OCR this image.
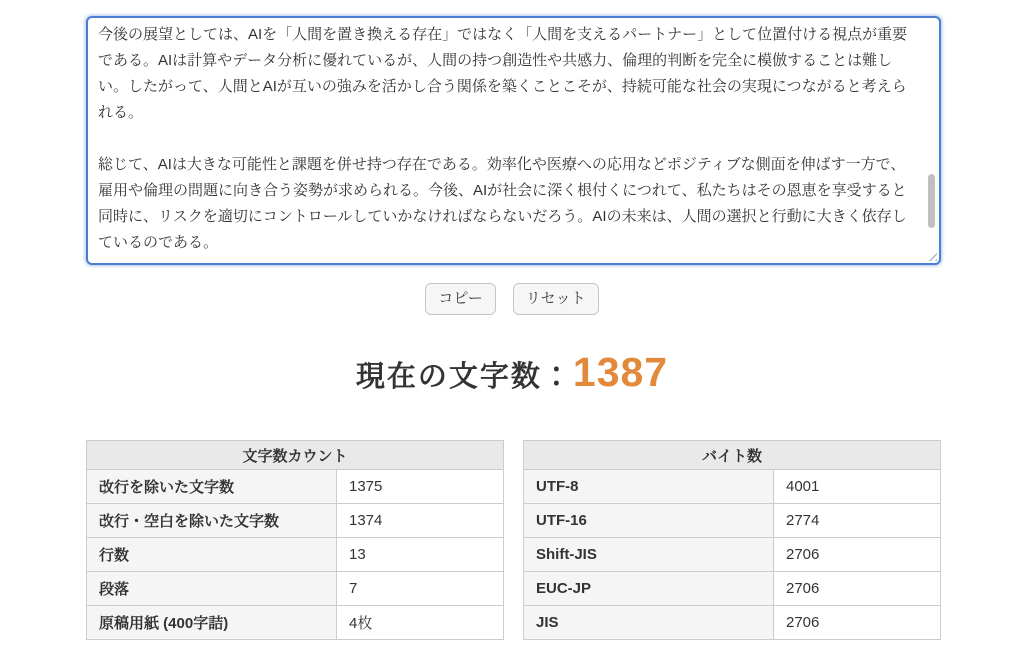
今後の展望としては、AIを「人間を置き換える存在」ではなく「人間を支えるパートナー」として位置付ける視点が重要である。AIは計算やデータ分析に優れているが、人間の持つ創造性や共感力、倫理的判断を完全に模倣することは難しい。したがって、人間とAIが互いの強みを活かし合う関係を築くことこそが、持続可能な社会の実現につながると考えられる。 総じて、AIは大きな可能性と課題を併せ持つ存在である。効率化や医療への応用などポジティブな側面を伸ばす一方で、雇用や倫理の問題に向き合う姿勢が求められる。今後、AIが社会に深く根付くにつれて、私たちはその恩恵を享受すると同時に、リスクを適切にコントロールしていかなければならないだろう。AIの未来は、人間の選択と行動に大きく依存しているのである。
コピー	リセット
現在の文字数： 1387
文字数カウント	
改行を除いた文字数	1375
改行・空白を除いた文字数	1374
行数	13
段落	7
原稿用紙 (400字詰)	4枚
バイト数	
UTF-8	4001
UTF-16	2774
Shift-JIS	2706
EUC-JP	2706
JIS	2706
